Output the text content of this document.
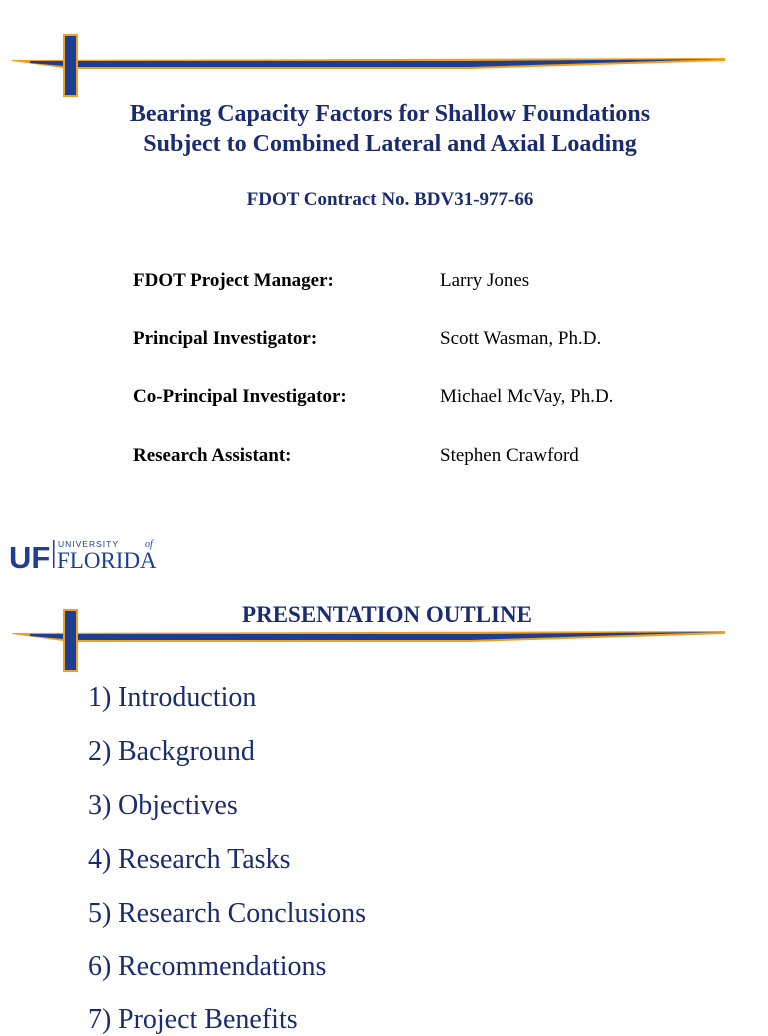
Bearing Capacity Factors for Shallow Foundations
Subject to Combined Lateral and Axial Loading
FDOT Contract No. BDV31-977-66
FDOT Project Manager:	Larry Jones
Principal Investigator:	Scott Wasman, Ph.D.
Co-Principal Investigator:	Michael McVay, Ph.D.
Research Assistant:	Stephen Crawford
UF UNIVERSITY	of
FLORIDA
PRESENTATION OUTLINE
1) Introduction
2) Background
3) Objectives
4) Research Tasks
5) Research Conclusions
6) Recommendations
7) Project Benefits
